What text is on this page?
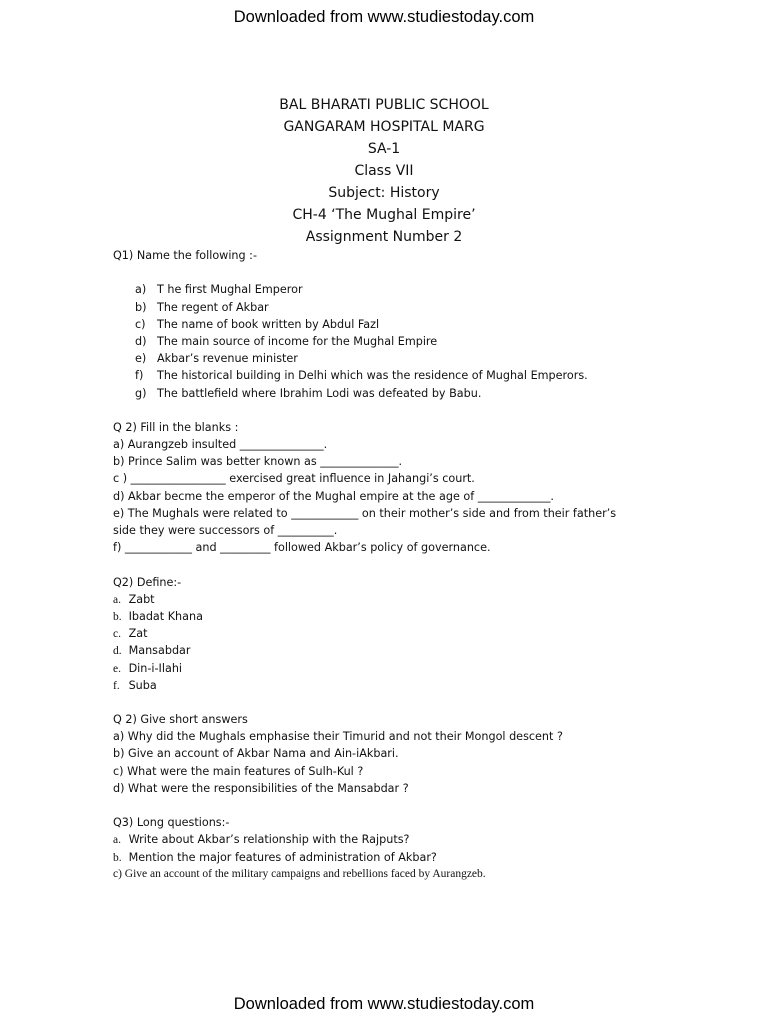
Downloaded from www.studiestoday.com
BAL BHARATI PUBLIC SCHOOL
GANGARAM HOSPITAL MARG
SA-1
Class VII
Subject: History
CH-4 ‘The Mughal Empire’
Assignment Number 2
Q1) Name the following :-
a) T he first Mughal Emperor
b) The regent of Akbar
c)	The name of book written by Abdul Fazl
d) The main source of income for the Mughal Empire
e) Akbar’s revenue minister
f)	The historical building in Delhi which was the residence of Mughal Emperors.
g) The battlefield where Ibrahim Lodi was defeated by Babu.
Q 2) Fill in the blanks :
a) Aurangzeb insulted _______________.
b) Prince Salim was better known as ______________.
c ) _________________ exercised great influence in Jahangi’s court.
d) Akbar becme the emperor of the Mughal empire at the age of _____________.
e) The Mughals were related to ____________ on their mother’s side and from their father’s
side they were successors of __________.
f) ____________ and _________ followed Akbar’s policy of governance.
Q2) Define:-
a. Zabt
b. Ibadat Khana
c. Zat
d. Mansabdar
e. Din-i-Ilahi
f. Suba
Q 2) Give short answers
a) Why did the Mughals emphasise their Timurid and not their Mongol descent ?
b) Give an account of Akbar Nama and Ain-iAkbari.
c) What were the main features of Sulh-Kul ?
d) What were the responsibilities of the Mansabdar ?
Q3) Long questions:-
a. Write about Akbar’s relationship with the Rajputs?
b. Mention the major features of administration of Akbar?
c) Give an account of the military campaigns and rebellions faced by Aurangzeb.
Downloaded from www.studiestoday.com
